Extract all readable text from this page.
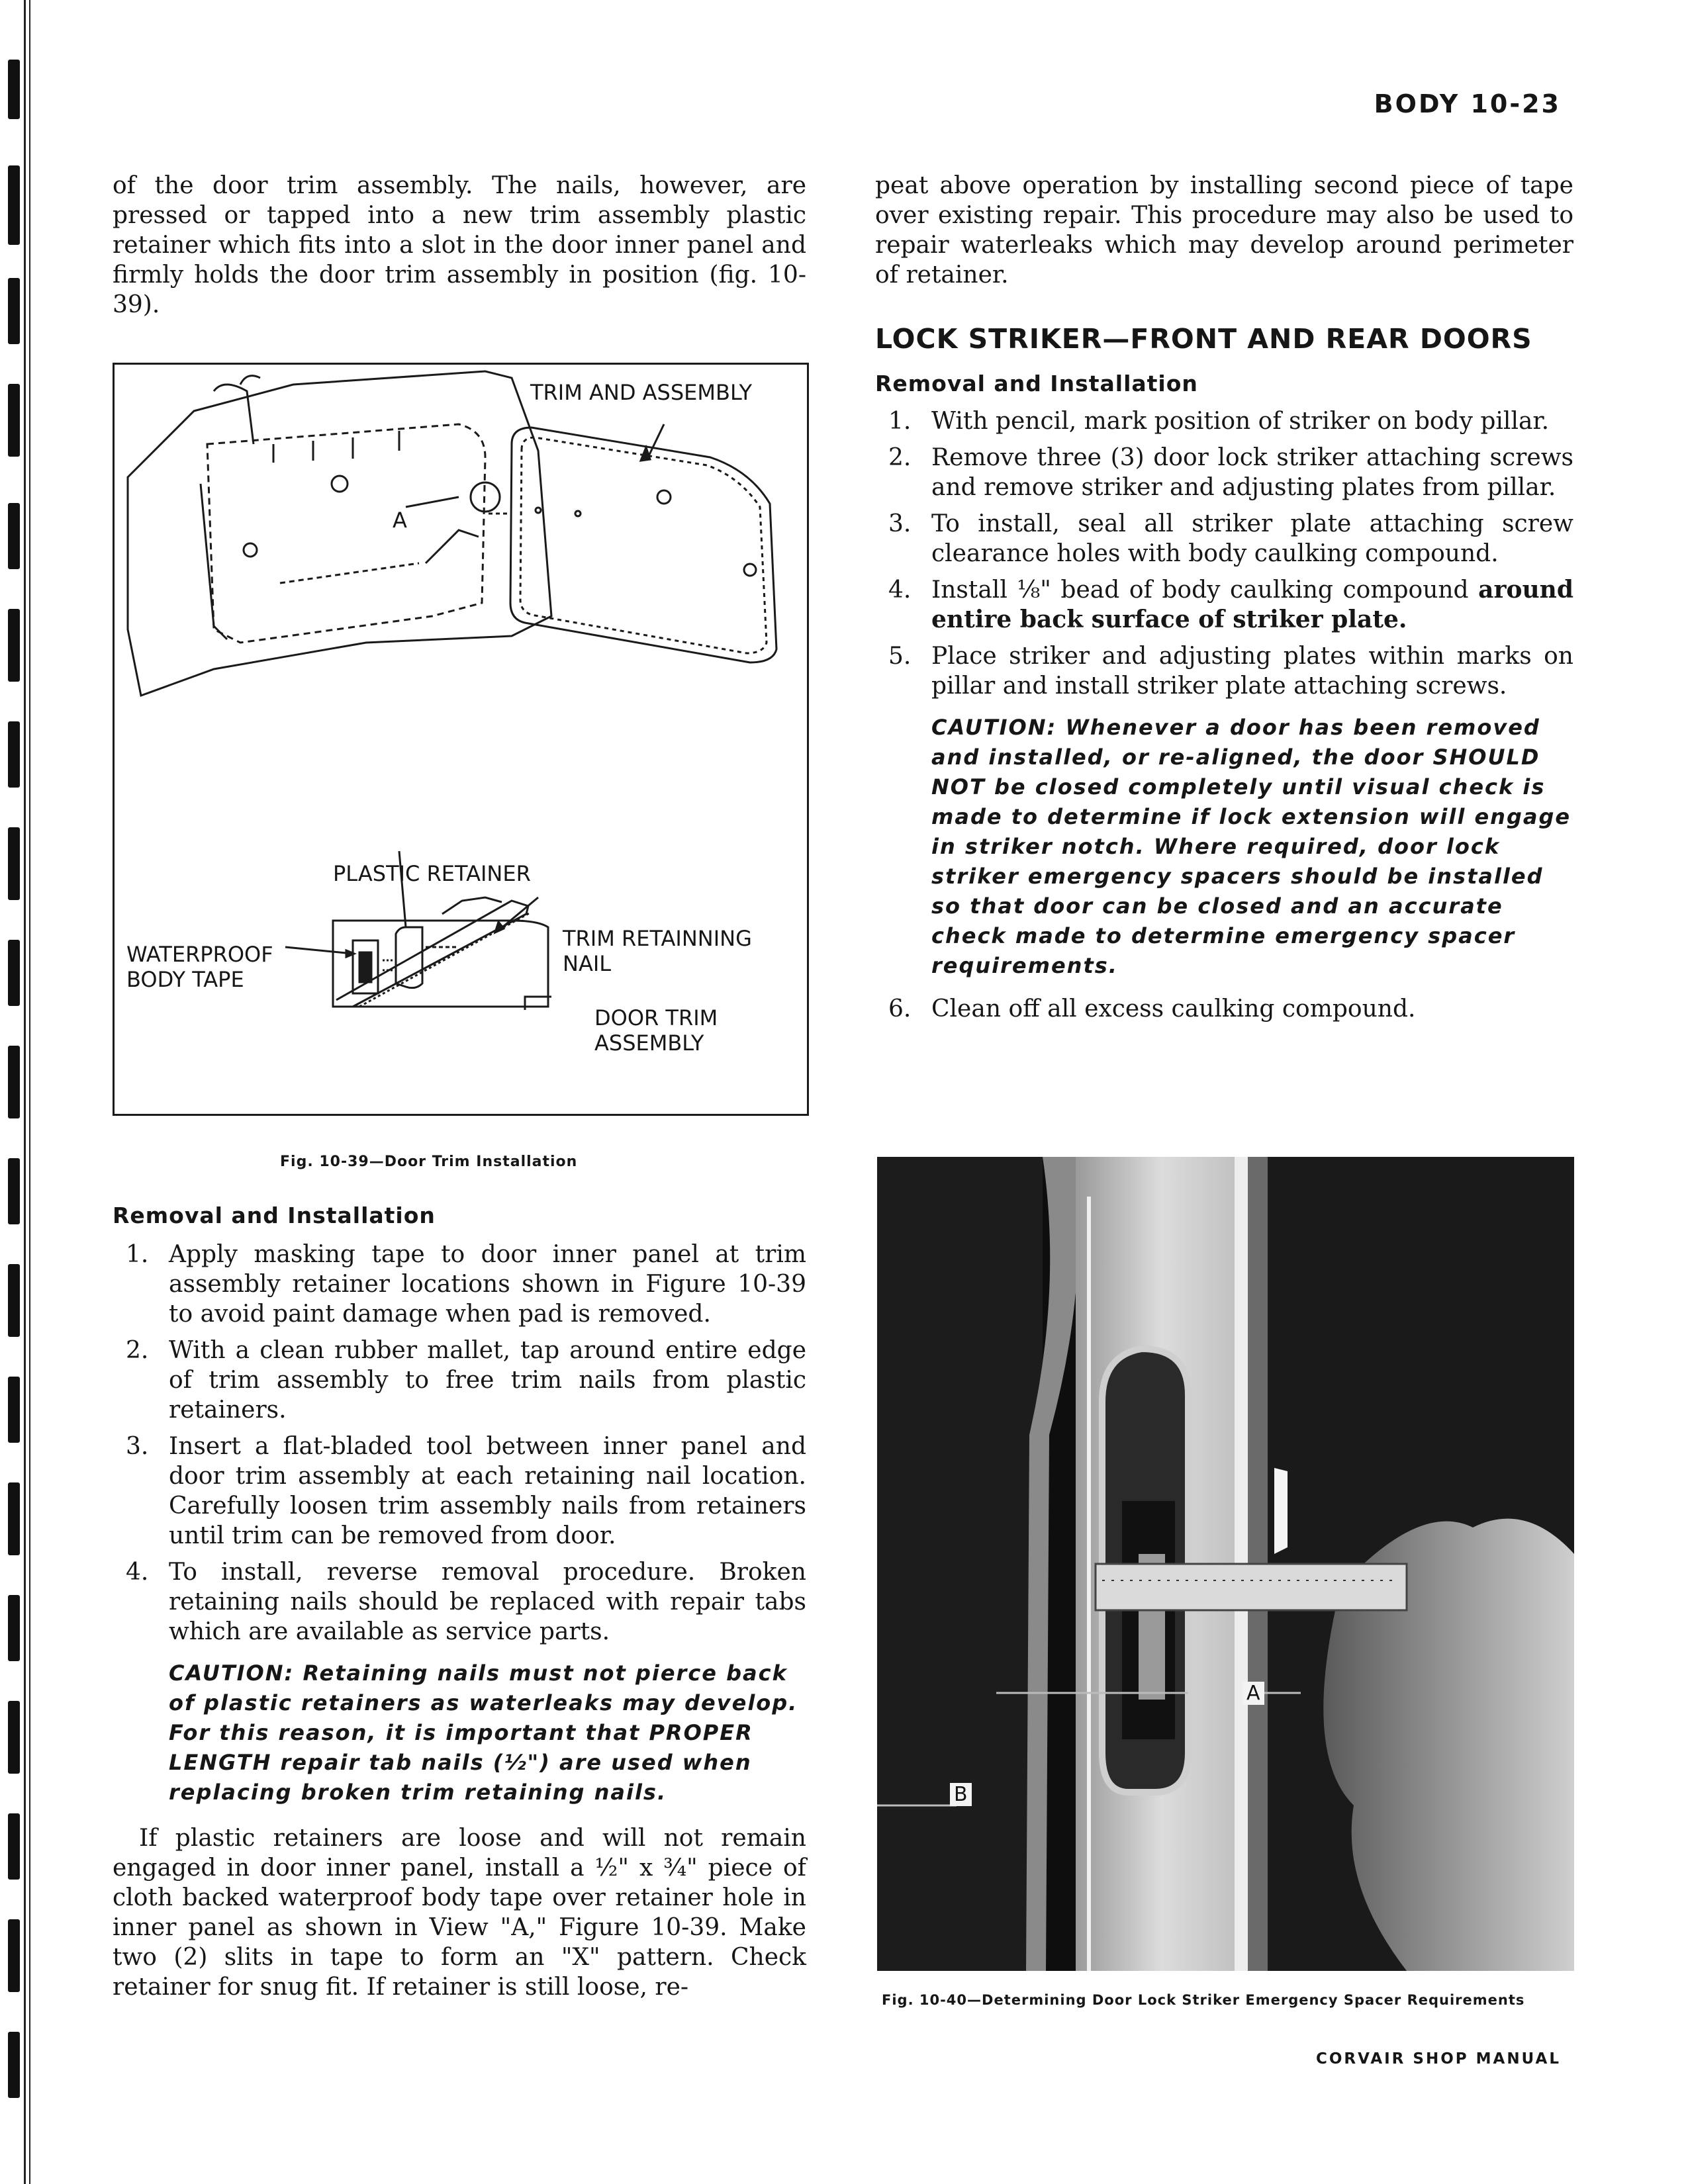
BODY 10-23
CORVAIR SHOP MANUAL

of the door trim assembly. The nails, however, are pressed or tapped into a new trim assembly plastic retainer which fits into a slot in the door inner panel and firmly holds the door trim assembly in position (fig. 10-39).

TRIM AND ASSEMBLY
A
PLASTIC RETAINER
WATERPROOF
BODY TAPE
TRIM RETAINNING
NAIL
DOOR TRIM
ASSEMBLY
Fig. 10-39—Door Trim Installation
Removal and Installation
1. Apply masking tape to door inner panel at trim assembly retainer locations shown in Figure 10-39 to avoid paint damage when pad is removed.
2. With a clean rubber mallet, tap around entire edge of trim assembly to free trim nails from plastic retainers.
3. Insert a flat-bladed tool between inner panel and door trim assembly at each retaining nail location. Carefully loosen trim assembly nails from retainers until trim can be removed from door.
4. To install, reverse removal procedure. Broken retaining nails should be replaced with repair tabs which are available as service parts.
CAUTION: Retaining nails must not pierce back of plastic retainers as waterleaks may develop. For this reason, it is important that PROPER LENGTH repair tab nails (½") are used when replacing broken trim retaining nails.

If plastic retainers are loose and will not remain engaged in door inner panel, install a ½" x ¾" piece of cloth backed waterproof body tape over retainer hole in inner panel as shown in View "A," Figure 10-39. Make two (2) slits in tape to form an "X" pattern. Check retainer for snug fit. If retainer is still loose, re-

peat above operation by installing second piece of tape over existing repair. This procedure may also be used to repair waterleaks which may develop around perimeter of retainer.

LOCK STRIKER—FRONT AND REAR DOORS
Removal and Installation
1. With pencil, mark position of striker on body pillar.
2. Remove three (3) door lock striker attaching screws and remove striker and adjusting plates from pillar.
3. To install, seal all striker plate attaching screw clearance holes with body caulking compound.
4. Install ⅛" bead of body caulking compound around entire back surface of striker plate.
5. Place striker and adjusting plates within marks on pillar and install striker plate attaching screws.
CAUTION: Whenever a door has been removed and installed, or re-aligned, the door SHOULD NOT be closed completely until visual check is made to determine if lock extension will engage in striker notch. Where required, door lock striker emergency spacers should be installed so that door can be closed and an accurate check made to determine emergency spacer requirements.
6. Clean off all excess caulking compound.
A
B
Fig. 10-40—Determining Door Lock Striker Emergency Spacer Requirements
